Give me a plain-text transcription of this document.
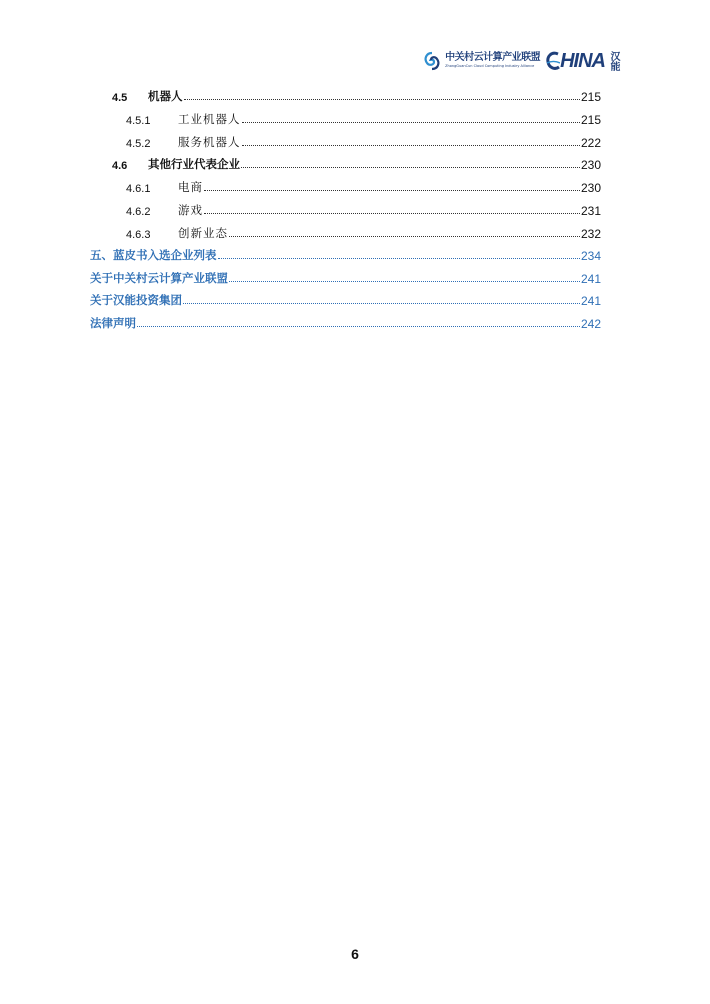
中关村云计算产业联盟
ZhongGuanCun Cloud Computing Industry Alliance HINA 汉能
4.5	机器人	215
4.5.1	工业机器人	215
4.5.2	服务机器人	222
4.6	其他行业代表企业	230
4.6.1	电商	230
4.6.2	游戏	231
4.6.3	创新业态	232
五、蓝皮书入选企业列表	234
关于中关村云计算产业联盟	241
关于汉能投资集团	241
法律声明	242
6
